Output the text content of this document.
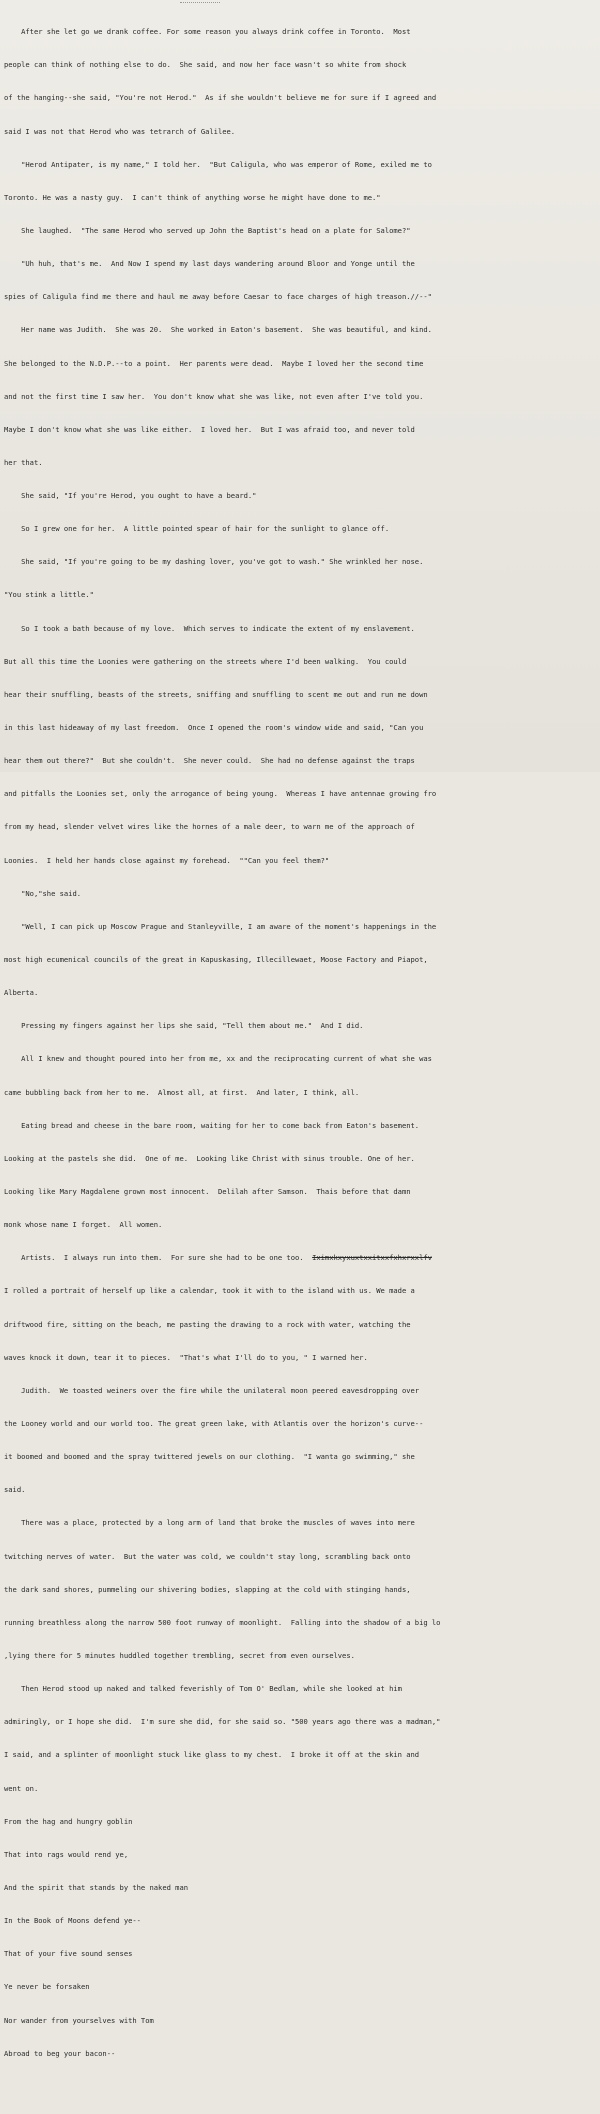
After she let go we drank coffee. For some reason you always drink coffee in Toronto.  Most

people can think of nothing else to do.  She said, and now her face wasn't so white from shock

of the hanging--she said, "You're not Herod."  As if she wouldn't believe me for sure if I agreed and

said I was not that Herod who was tetrarch of Galilee.

"Herod Antipater, is my name," I told her.  "But Caligula, who was emperor of Rome, exiled me to

Toronto. He was a nasty guy.  I can't think of anything worse he might have done to me."

She laughed.  "The same Herod who served up John the Baptist's head on a plate for Salome?"

"Uh huh, that's me.  And Now I spend my last days wandering around Bloor and Yonge until the

spies of Caligula find me there and haul me away before Caesar to face charges of high treason.//--"

Her name was Judith.  She was 20.  She worked in Eaton's basement.  She was beautiful, and kind.

She belonged to the N.D.P.--to a point.  Her parents were dead.  Maybe I loved her the second time

and not the first time I saw her.  You don't know what she was like, not even after I've told you.

Maybe I don't know what she was like either.  I loved her.  But I was afraid too, and never told

her that.

She said, "If you're Herod, you ought to have a beard."

So I grew one for her.  A little pointed spear of hair for the sunlight to glance off.

She said, "If you're going to be my dashing lover, you've got to wash." She wrinkled her nose.

"You stink a little."

So I took a bath because of my love.  Which serves to indicate the extent of my enslavement.

But all this time the Loonies were gathering on the streets where I'd been walking.  You could

hear their snuffling, beasts of the streets, sniffing and snuffling to scent me out and run me down

in this last hideaway of my last freedom.  Once I opened the room's window wide and said, "Can you

hear them out there?"  But she couldn't.  She never could.  She had no defense against the traps

and pitfalls the Loonies set, only the arrogance of being young.  Whereas I have antennae growing fro

from my head, slender velvet wires like the hornes of a male deer, to warn me of the approach of

Loonies.  I held her hands close against my forehead.  ""Can you feel them?"

"No,"she said.

"Well, I can pick up Moscow Prague and Stanleyville, I am aware of the moment's happenings in the

most high ecumenical councils of the great in Kapuskasing, Illecillewaet, Moose Factory and Piapot,

Alberta.

Pressing my fingers against her lips she said, "Tell them about me."  And I did.

All I knew and thought poured into her from me, xx and the reciprocating current of what she was

came bubbling back from her to me.  Almost all, at first.  And later, I think, all.

Eating bread and cheese in the bare room, waiting for her to come back from Eaton's basement.

Looking at the pastels she did.  One of me.  Looking like Christ with sinus trouble. One of her.

Looking like Mary Magdalene grown most innocent.  Delilah after Samson.  Thais before that damn

monk whose name I forget.  All women.

Artists.  I always run into them.  For sure she had to be one too.  Iximxkxyxuxtxxitxxfxhxrxxlfv

I rolled a portrait of herself up like a calendar, took it with to the island with us. We made a

driftwood fire, sitting on the beach, me pasting the drawing to a rock with water, watching the

waves knock it down, tear it to pieces.  "That's what I'll do to you, " I warned her.

Judith.  We toasted weiners over the fire while the unilateral moon peered eavesdropping over

the Looney world and our world too. The great green lake, with Atlantis over the horizon's curve--

it boomed and boomed and the spray twittered jewels on our clothing.  "I wanta go swimming," she

said.

There was a place, protected by a long arm of land that broke the muscles of waves into mere

twitching nerves of water.  But the water was cold, we couldn't stay long, scrambling back onto

the dark sand shores, pummeling our shivering bodies, slapping at the cold with stinging hands,

running breathless along the narrow 500 foot runway of moonlight.  Falling into the shadow of a big lo

,lying there for 5 minutes huddled together trembling, secret from even ourselves.

Then Herod stood up naked and talked feverishly of Tom O' Bedlam, while she looked at him

admiringly, or I hope she did.  I'm sure she did, for she said so. "500 years ago there was a madman,"

I said, and a splinter of moonlight stuck like glass to my chest.  I broke it off at the skin and

went on.

From the hag and hungry goblin

That into rags would rend ye,

And the spirit that stands by the naked man

In the Book of Moons defend ye--

That of your five sound senses

Ye never be forsaken

Nor wander from yourselves with Tom

Abroad to beg your bacon--
